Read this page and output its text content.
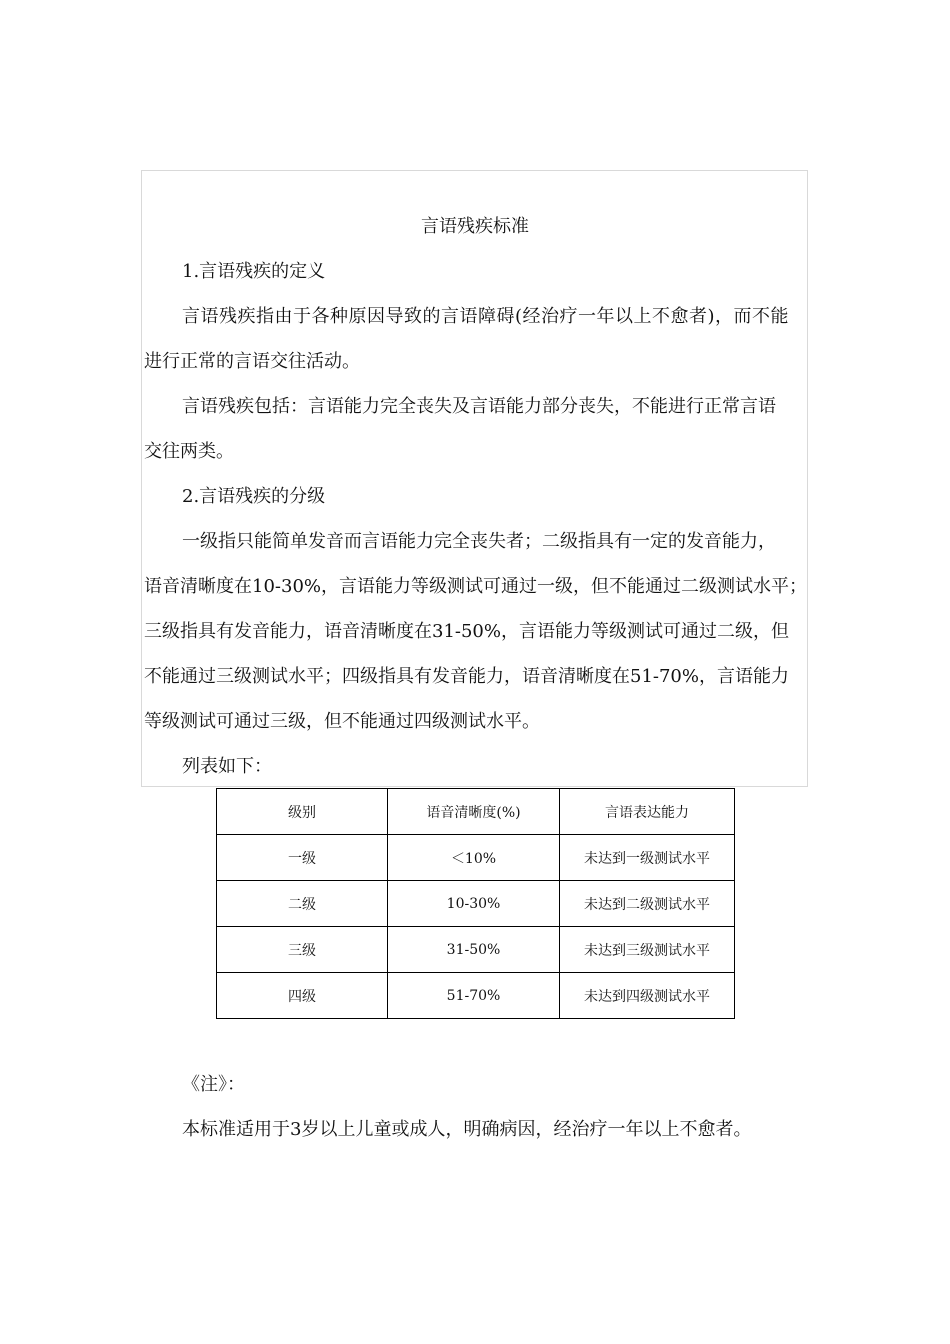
言语残疾标准
1.言语残疾的定义
言语残疾指由于各种原因导致的言语障碍(经治疗一年以上不愈者)，而不能
进行正常的言语交往活动。
言语残疾包括：言语能力完全丧失及言语能力部分丧失，不能进行正常言语
交往两类。
2.言语残疾的分级
一级指只能简单发音而言语能力完全丧失者；二级指具有一定的发音能力，
语音清晰度在10-30%，言语能力等级测试可通过一级，但不能通过二级测试水平；
三级指具有发音能力，语音清晰度在31-50%，言语能力等级测试可通过二级，但
不能通过三级测试水平；四级指具有发音能力，语音清晰度在51-70%，言语能力
等级测试可通过三级，但不能通过四级测试水平。
列表如下：
级别	语音清晰度(%)	言语表达能力
一级	＜10%	未达到一级测试水平
二级	10-30%	未达到二级测试水平
三级	31-50%	未达到三级测试水平
四级	51-70%	未达到四级测试水平
《注》：
本标准适用于3岁以上儿童或成人，明确病因，经治疗一年以上不愈者。
